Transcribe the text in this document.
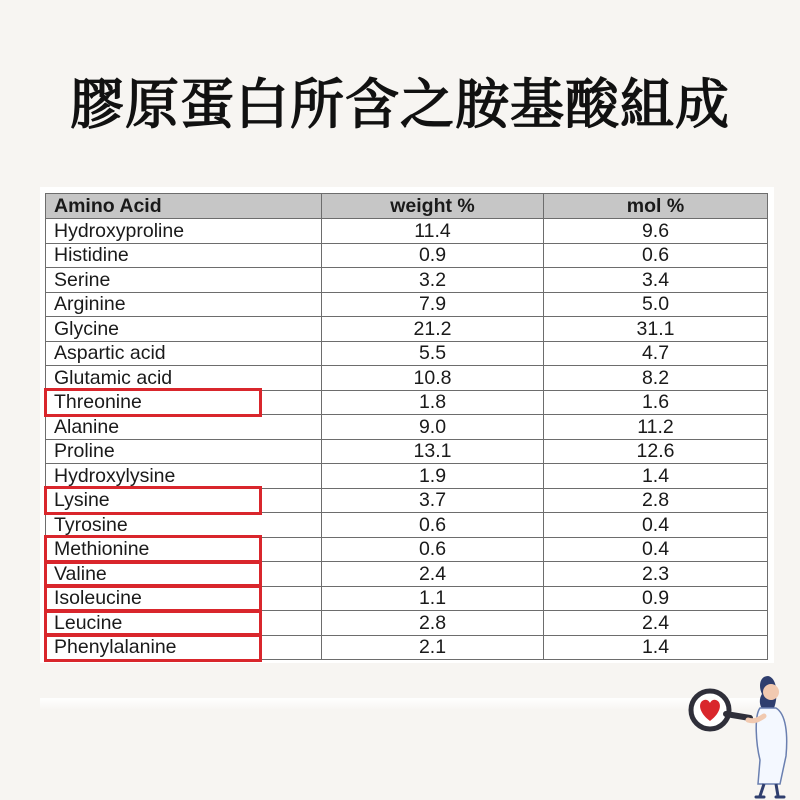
膠原蛋白所含之胺基酸組成
Amino Acid	weight %	mol %
Hydroxyproline	11.4	9.6
Histidine	0.9	0.6
Serine	3.2	3.4
Arginine	7.9	5.0
Glycine	21.2	31.1
Aspartic acid	5.5	4.7
Glutamic acid	10.8	8.2
Threonine	1.8	1.6
Alanine	9.0	11.2
Proline	13.1	12.6
Hydroxylysine	1.9	1.4
Lysine	3.7	2.8
Tyrosine	0.6	0.4
Methionine	0.6	0.4
Valine	2.4	2.3
Isoleucine	1.1	0.9
Leucine	2.8	2.4
Phenylalanine	2.1	1.4
